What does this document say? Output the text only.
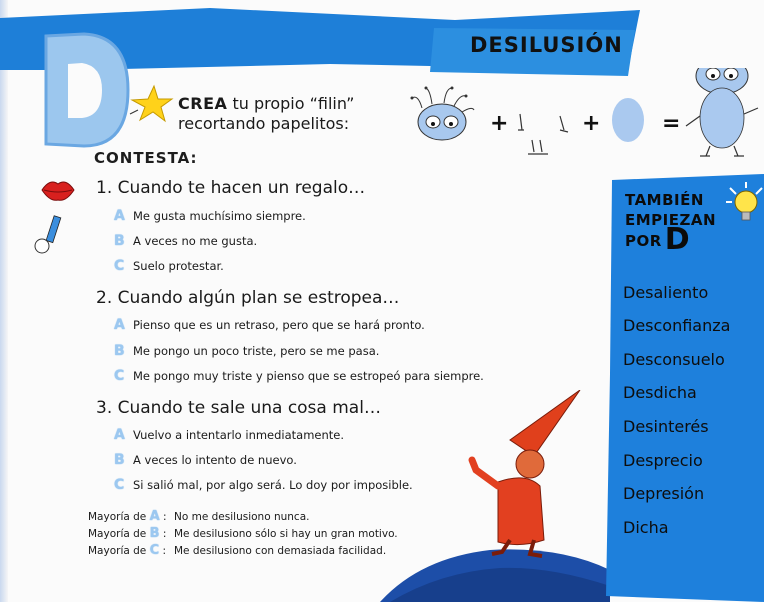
DESILUSIÓN
CREA tu propio “filin”
recortando papelitos:	+	+	=
CONTESTA:
1. Cuando te hacen un regalo…
A Me gusta muchísimo siempre.
B A veces no me gusta.
C Suelo protestar.
2. Cuando algún plan se estropea…
A Pienso que es un retraso, pero que se hará pronto.
B Me pongo un poco triste, pero se me pasa.
C Me pongo muy triste y pienso que se estropeó para siempre.
3. Cuando te sale una cosa mal…
A Vuelvo a intentarlo inmediatamente.
B A veces lo intento de nuevo.
C Si salió mal, por algo será. Lo doy por imposible.
Mayoría de A : No me desilusiono nunca.
Mayoría de B : Me desilusiono sólo si hay un gran motivo.
Mayoría de C : Me desilusiono con demasiada facilidad.
TAMBIÉN
EMPIEZAN
POR D
Desaliento
Desconfianza
Desconsuelo
Desdicha
Desinterés
Desprecio
Depresión
Dicha
